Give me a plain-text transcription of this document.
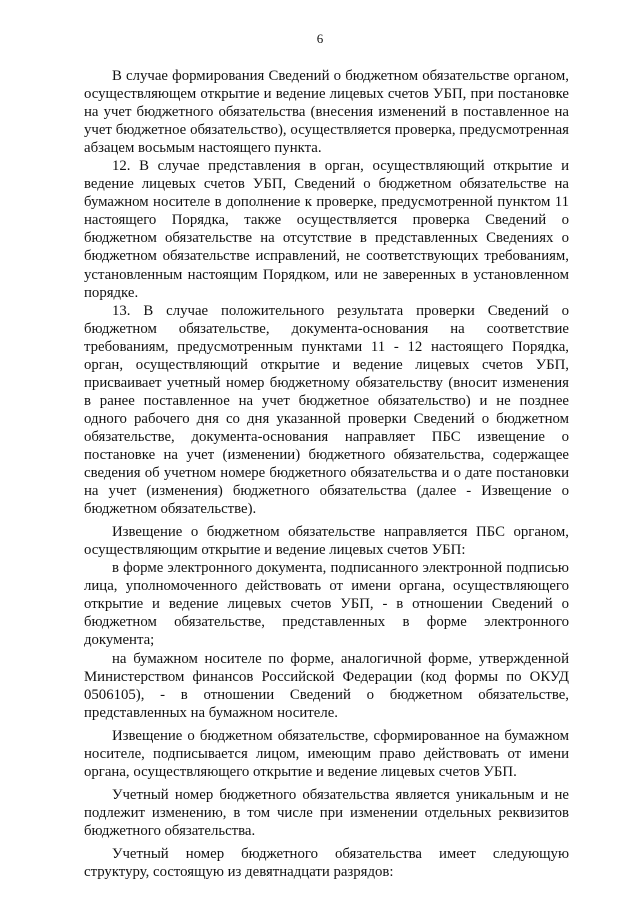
6

В случае формирования Сведений о бюджетном обязательстве органом, осуществляющем открытие и ведение лицевых счетов УБП, при постановке на учет бюджетного обязательства (внесения изменений в поставленное на учет бюджетное обязательство), осуществляется проверка, предусмотренная абзацем восьмым настоящего пункта.

12. В случае представления в орган, осуществляющий открытие и ведение лицевых счетов УБП, Сведений о бюджетном обязательстве на бумажном носителе в дополнение к проверке, предусмотренной пунктом 11 настоящего Порядка, также осуществляется проверка Сведений о бюджетном обязательстве на отсутствие в представленных Сведениях о бюджетном обязательстве исправлений, не соответствующих требованиям, установленным настоящим Порядком, или не заверенных в установленном порядке.

13. В случае положительного результата проверки Сведений о бюджетном обязательстве, документа-основания на соответствие требованиям, предусмотренным пунктами 11 - 12 настоящего Порядка, орган, осуществляющий открытие и ведение лицевых счетов УБП, присваивает учетный номер бюджетному обязательству (вносит изменения в ранее поставленное на учет бюджетное обязательство) и не позднее одного рабочего дня со дня указанной проверки Сведений о бюджетном обязательстве, документа-основания направляет ПБС извещение о постановке на учет (изменении) бюджетного обязательства, содержащее сведения об учетном номере бюджетного обязательства и о дате постановки на учет (изменения) бюджетного обязательства (далее - Извещение о бюджетном обязательстве).

Извещение о бюджетном обязательстве направляется ПБС органом, осуществляющим открытие и ведение лицевых счетов УБП:

в форме электронного документа, подписанного электронной подписью лица, уполномоченного действовать от имени органа, осуществляющего открытие и ведение лицевых счетов УБП, - в отношении Сведений о бюджетном обязательстве, представленных в форме электронного документа;

на бумажном носителе по форме, аналогичной форме, утвержденной Министерством финансов Российской Федерации (код формы по ОКУД 0506105), - в отношении Сведений о бюджетном обязательстве, представленных на бумажном носителе.

Извещение о бюджетном обязательстве, сформированное на бумажном носителе, подписывается лицом, имеющим право действовать от имени органа, осуществляющего открытие и ведение лицевых счетов УБП.

Учетный номер бюджетного обязательства является уникальным и не подлежит изменению, в том числе при изменении отдельных реквизитов бюджетного обязательства.

Учетный номер бюджетного обязательства имеет следующую структуру, состоящую из девятнадцати разрядов:
